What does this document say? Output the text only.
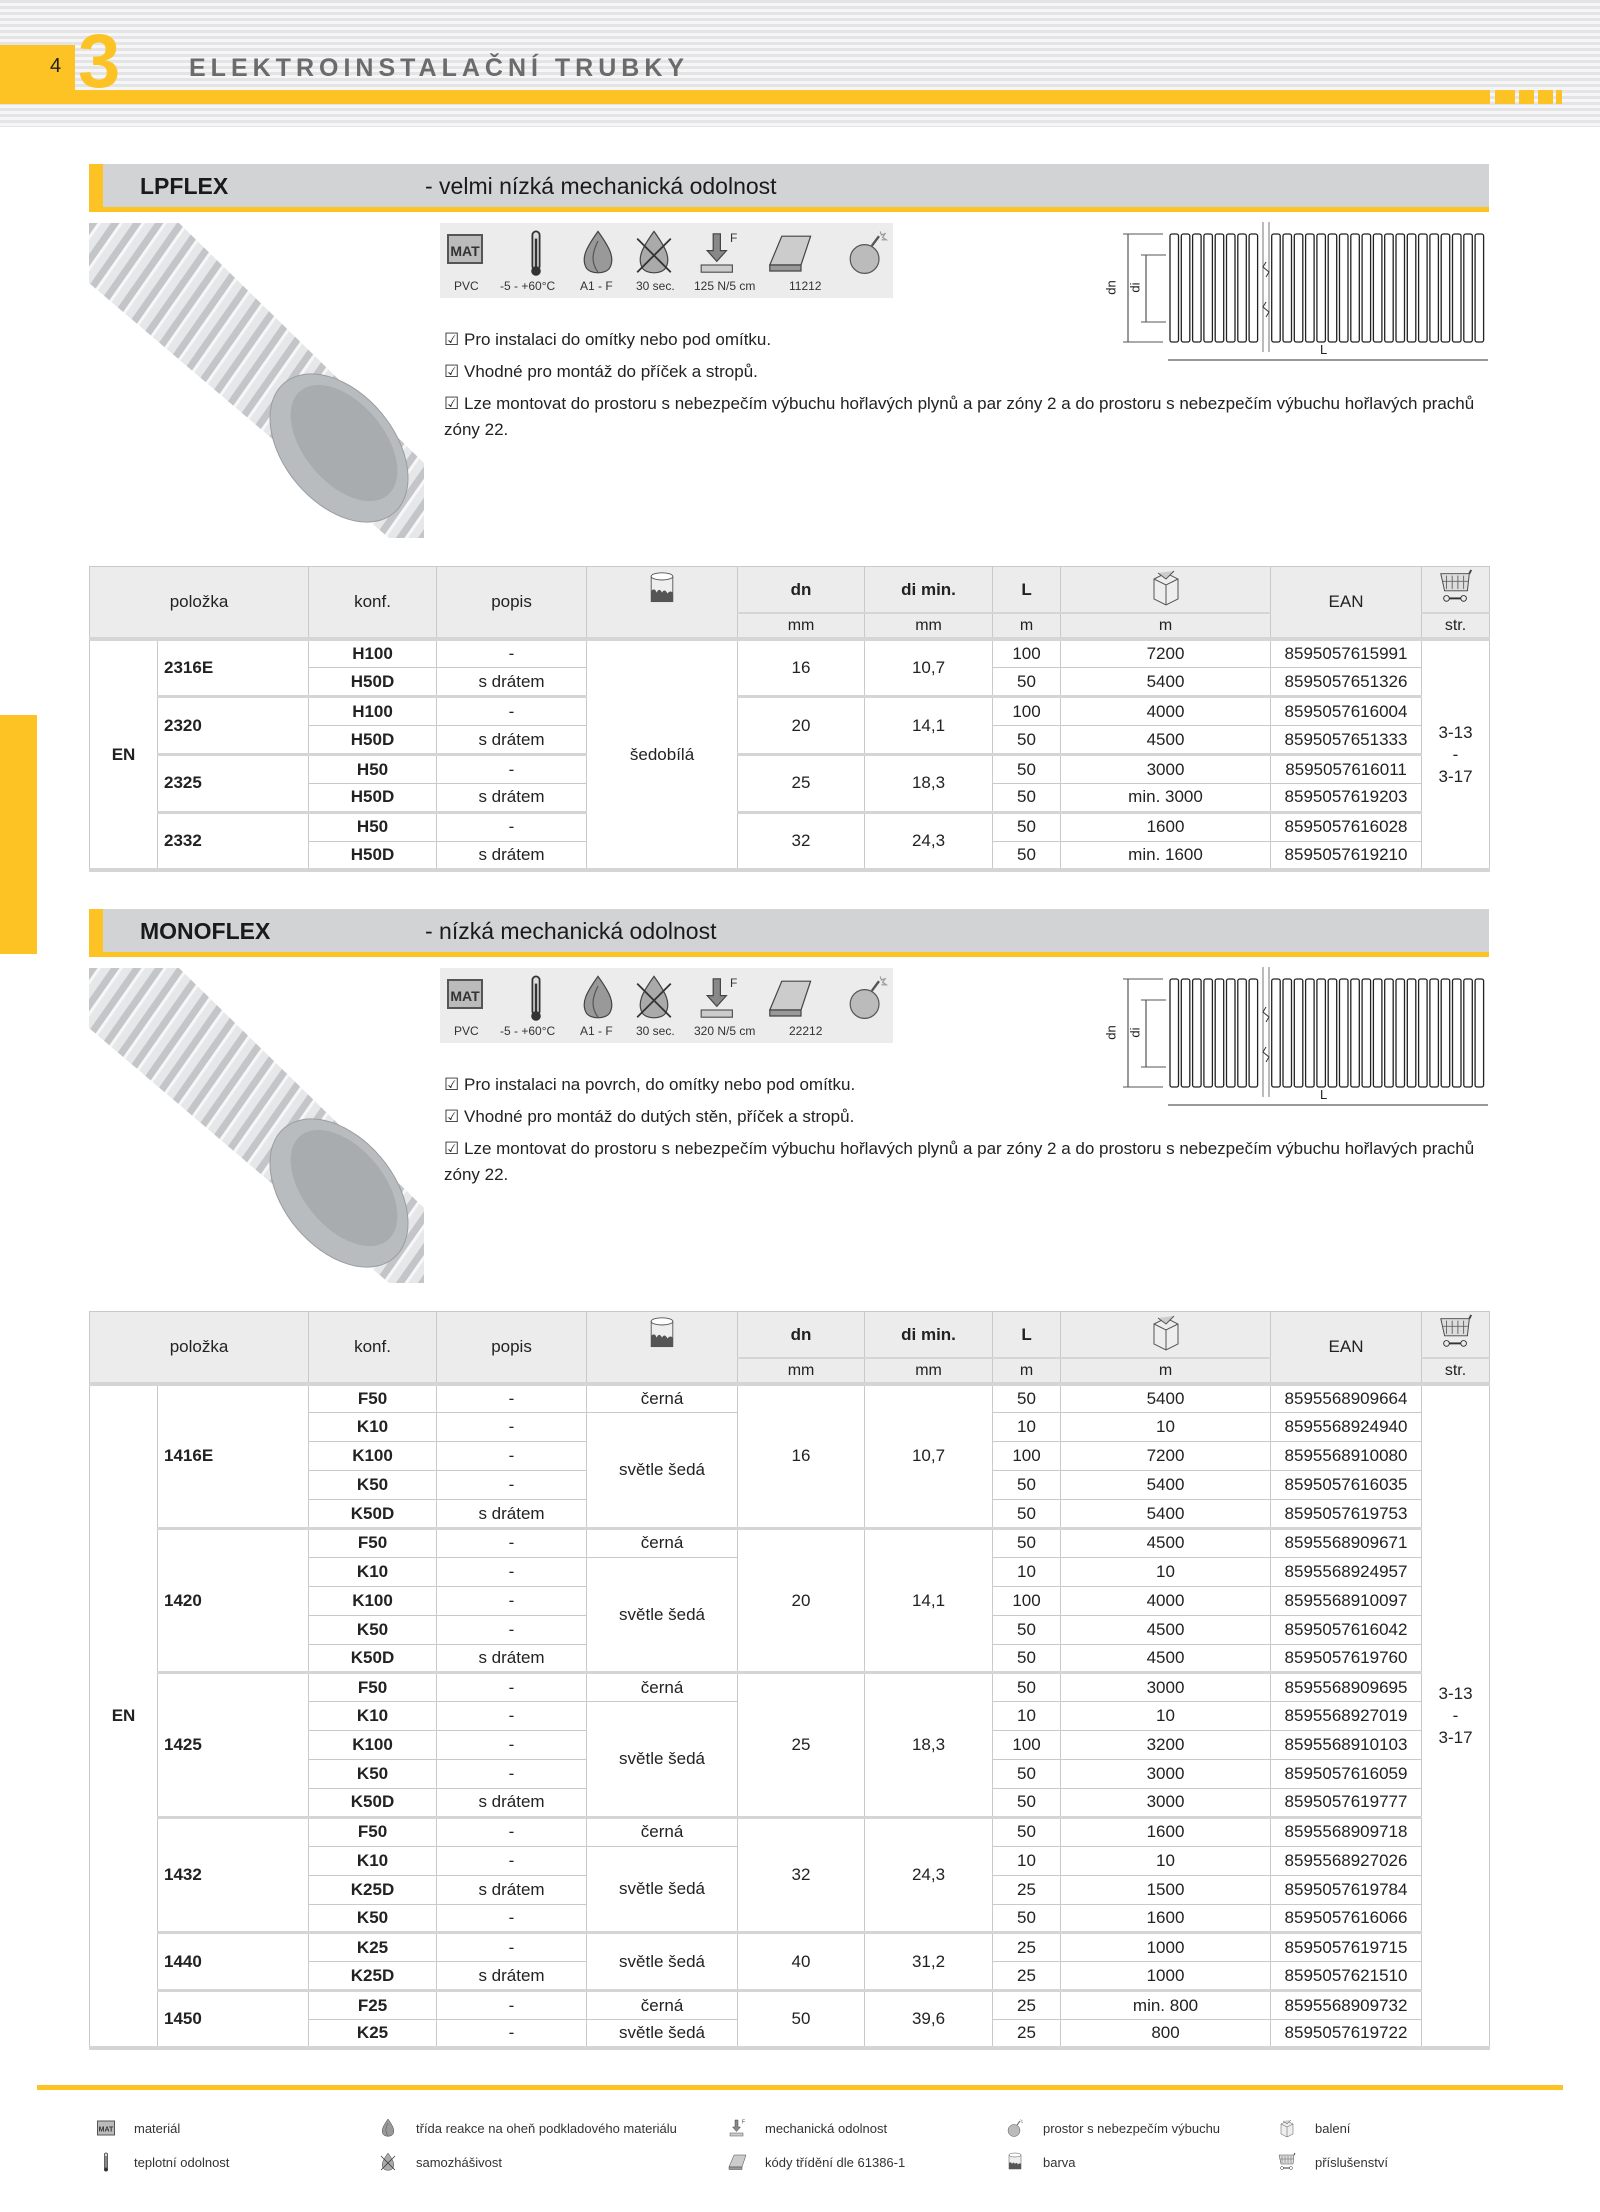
4 3	ELEKTROINSTALAČNÍ TRUBKY
LPFLEX	- velmi nízká mechanická odolnost
MAT
PVC -5 - +60°C A1 - F 30 sec.
F
125 N/5 cm	11212	dn di
L
☑ Pro instalaci do omítky nebo pod omítku.
☑ Vhodné pro montáž do příček a stropů.
☑ Lze montovat do prostoru s nebezpečím výbuchu hořlavých plynů a par zóny 2 a do prostoru s nebezpečím výbuchu hořlavých prachů zóny 22.
položka		konf.	popis		dn	di min.	L		EAN	
					mm	mm	m	m		str.
EN	2316E	H100	-	šedobílá	16	10,7	100	7200	8595057615991	3-13
-
3-17

		H50D	s drátem				50	5400	8595057651326	
	2320	H100	-		20	14,1	100	4000	8595057616004	
		H50D	s drátem				50	4500	8595057651333	
	2325	H50	-		25	18,3	50	3000	8595057616011	
		H50D	s drátem				50	min. 3000	8595057619203	
	2332	H50	-		32	24,3	50	1600	8595057616028	
		H50D	s drátem				50	min. 1600	8595057619210	
MONOFLEX	- nízká mechanická odolnost
MAT
PVC -5 - +60°C A1 - F 30 sec.
F
320 N/5 cm	22212	dn di
L
☑ Pro instalaci na povrch, do omítky nebo pod omítku.
☑ Vhodné pro montáž do dutých stěn, příček a stropů.
☑ Lze montovat do prostoru s nebezpečím výbuchu hořlavých plynů a par zóny 2 a do prostoru s nebezpečím výbuchu hořlavých prachů zóny 22.
položka		konf.	popis		dn	di min.	L		EAN	
					mm	mm	m	m		str.
EN	1416E	F50	-	černá	16	10,7	50	5400	8595568909664	3-13
-
3-17

		K10	-	světle šedá			10	10	8595568924940	
		K100	-				100	7200	8595568910080	
		K50	-				50	5400	8595057616035	
		K50D	s drátem				50	5400	8595057619753	
	1420	F50	-	černá	20	14,1	50	4500	8595568909671	
		K10	-	světle šedá			10	10	8595568924957	
		K100	-				100	4000	8595568910097	
		K50	-				50	4500	8595057616042	
		K50D	s drátem				50	4500	8595057619760	
	1425	F50	-	černá	25	18,3	50	3000	8595568909695	
		K10	-	světle šedá			10	10	8595568927019	
		K100	-				100	3200	8595568910103	
		K50	-				50	3000	8595057616059	
		K50D	s drátem				50	3000	8595057619777	
	1432	F50	-	černá	32	24,3	50	1600	8595568909718	
		K10	-	světle šedá			10	10	8595568927026	
		K25D	s drátem				25	1500	8595057619784	
		K50	-				50	1600	8595057616066	
	1440	K25	-	světle šedá	40	31,2	25	1000	8595057619715	
		K25D	s drátem				25	1000	8595057621510	
	1450	F25	-	černá	50	39,6	25	min. 800	8595568909732	
		K25	-	světle šedá			25	800	8595057619722	
MAT materiál
teplotní odolnost
třída reakce na oheň podkladového materiálu
samozhášivost
F mechanická odolnost
kódy třídění dle 61386-1
prostor s nebezpečím výbuchu
barva
balení
příslušenství
